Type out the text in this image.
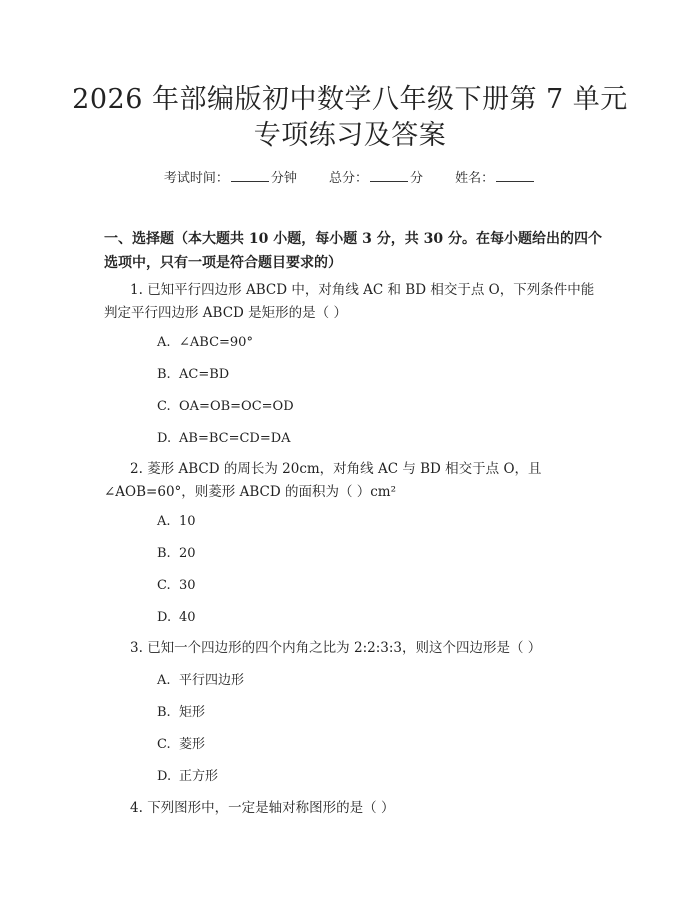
2026 年部编版初中数学八年级下册第 7 单元
专项练习及答案
考试时间：	分钟 总分：	分 姓名：
一、选择题（本大题共 10 小题，每小题 3 分，共 30 分。在每小题给出的四个选项中，只有一项是符合题目要求的）
1. 已知平行四边形 ABCD 中，对角线 AC 和 BD 相交于点 O，下列条件中能判定平行四边形 ABCD 是矩形的是（ ）
A. ∠ABC=90°
B. AC=BD
C. OA=OB=OC=OD
D. AB=BC=CD=DA
2. 菱形 ABCD 的周长为 20cm，对角线 AC 与 BD 相交于点 O，且∠AOB=60°，则菱形 ABCD 的面积为（ ）cm²
A. 10
B. 20
C. 30
D. 40
3. 已知一个四边形的四个内角之比为 2:2:3:3，则这个四边形是（ ）
A. 平行四边形
B. 矩形
C. 菱形
D. 正方形
4. 下列图形中，一定是轴对称图形的是（ ）
